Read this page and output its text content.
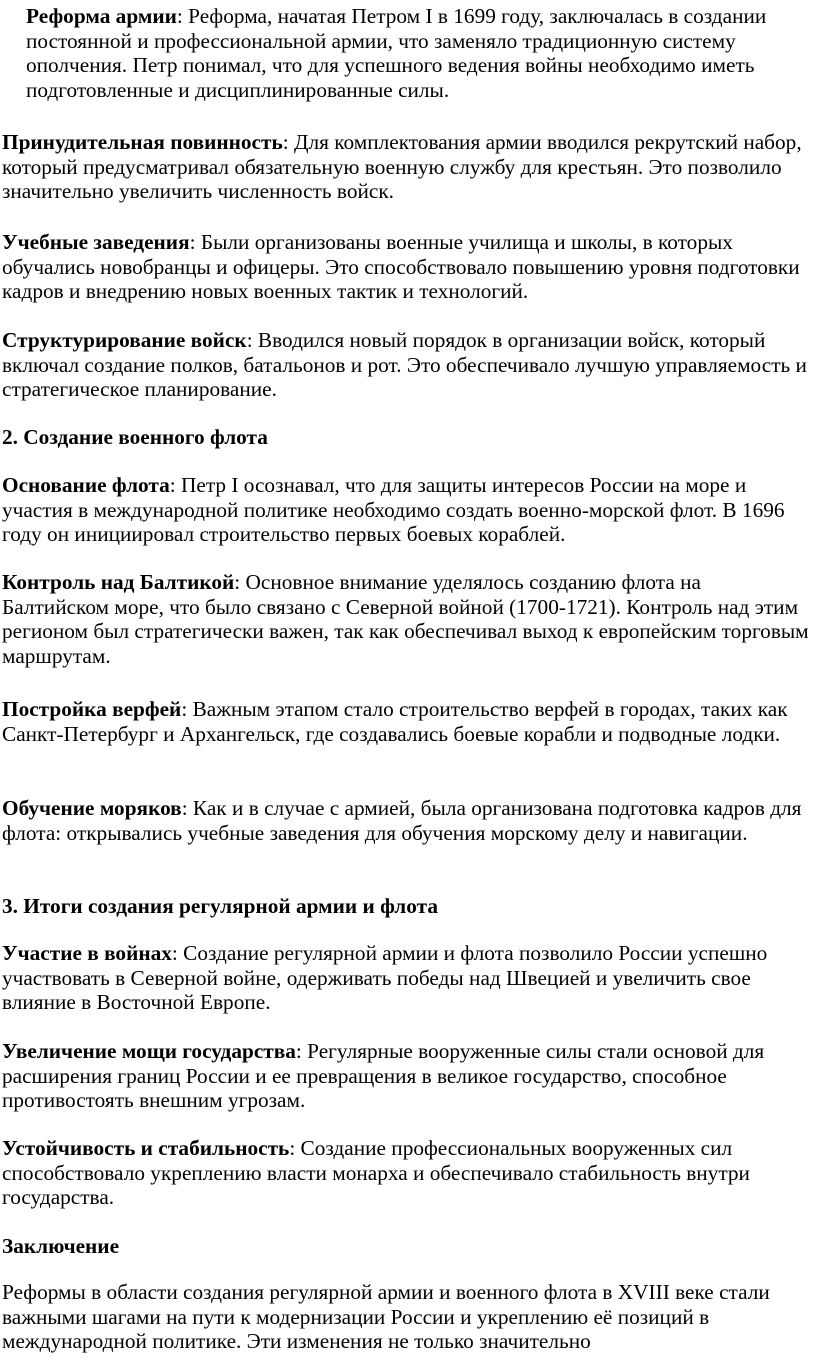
Реформа армии: Реформа, начатая Петром I в 1699 году, заключалась в создании постоянной и профессиональной армии, что заменяло традиционную систему ополчения. Петр понимал, что для успешного ведения войны необходимо иметь подготовленные и дисциплинированные силы.

Принудительная повинность: Для комплектования армии вводился рекрутский набор, который предусматривал обязательную военную службу для крестьян. Это позволило значительно увеличить численность войск.

Учебные заведения: Были организованы военные училища и школы, в которых обучались новобранцы и офицеры. Это способствовало повышению уровня подготовки кадров и внедрению новых военных тактик и технологий.

Структурирование войск: Вводился новый порядок в организации войск, который включал создание полков, батальонов и рот. Это обеспечивало лучшую управляемость и стратегическое планирование.

2. Создание военного флота

Основание флота: Петр I осознавал, что для защиты интересов России на море и участия в международной политике необходимо создать военно-морской флот. В 1696 году он инициировал строительство первых боевых кораблей.

Контроль над Балтикой: Основное внимание уделялось созданию флота на Балтийском море, что было связано с Северной войной (1700-1721). Контроль над этим регионом был стратегически важен, так как обеспечивал выход к европейским торговым маршрутам.

Постройка верфей: Важным этапом стало строительство верфей в городах, таких как Санкт-Петербург и Архангельск, где создавались боевые корабли и подводные лодки.

Обучение моряков: Как и в случае с армией, была организована подготовка кадров для флота: открывались учебные заведения для обучения морскому делу и навигации.

3. Итоги создания регулярной армии и флота

Участие в войнах: Создание регулярной армии и флота позволило России успешно участвовать в Северной войне, одерживать победы над Швецией и увеличить свое влияние в Восточной Европе.

Увеличение мощи государства: Регулярные вооруженные силы стали основой для расширения границ России и ее превращения в великое государство, способное противостоять внешним угрозам.

Устойчивость и стабильность: Создание профессиональных вооруженных сил способствовало укреплению власти монарха и обеспечивало стабильность внутри государства.

Заключение

Реформы в области создания регулярной армии и военного флота в XVIII веке стали важными шагами на пути к модернизации России и укреплению её позиций в международной политике. Эти изменения не только значительно
